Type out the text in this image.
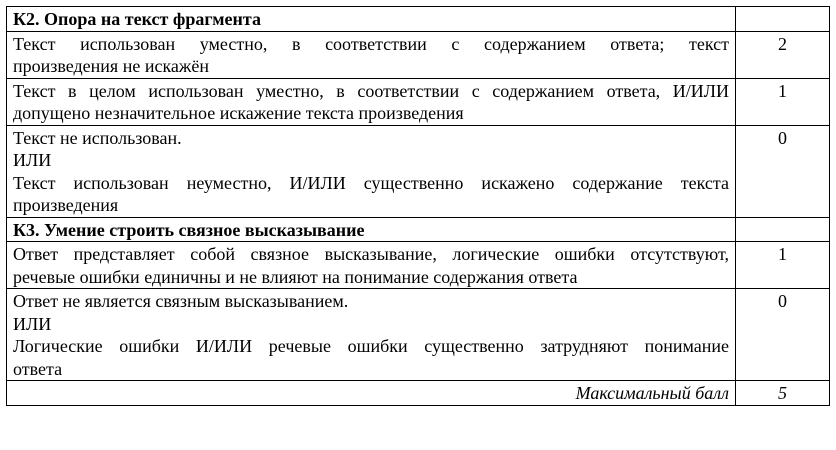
К2. Опора на текст фрагмента	

Текст использован уместно, в соответствии с содержанием ответа; текст
произведения не искажён	2

Текст в целом использован уместно, в соответствии с содержанием ответа, И/ИЛИ
допущено незначительное искажение текста произведения	1

Текст не использован.
ИЛИ
Текст использован неуместно, И/ИЛИ существенно искажено содержание текста
произведения	0
К3. Умение строить связное высказывание	

Ответ представляет собой связное высказывание, логические ошибки отсутствуют,
речевые ошибки единичны и не влияют на понимание содержания ответа	1

Ответ не является связным высказыванием.
ИЛИ
Логические ошибки И/ИЛИ речевые ошибки существенно затрудняют понимание
ответа	0
Максимальный балл	5
